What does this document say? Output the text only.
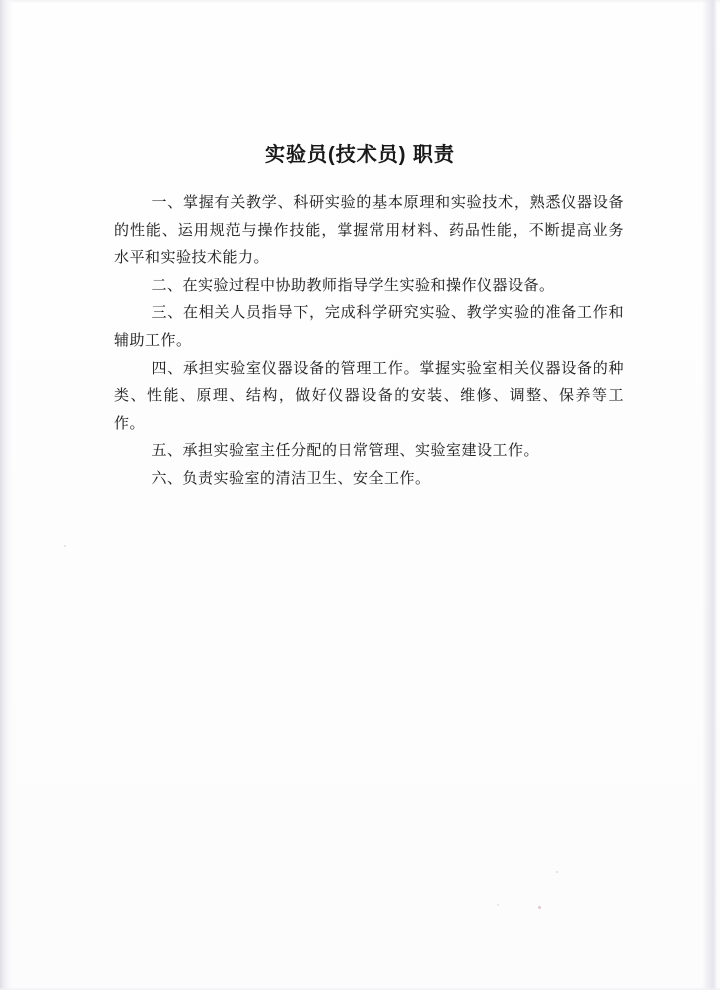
实验员(技术员) 职责

一、掌握有关教学、科研实验的基本原理和实验技术，熟悉仪器设备的性能、运用规范与操作技能，掌握常用材料、药品性能，不断提高业务水平和实验技术能力。

二、在实验过程中协助教师指导学生实验和操作仪器设备。

三、在相关人员指导下，完成科学研究实验、教学实验的准备工作和辅助工作。

四、承担实验室仪器设备的管理工作。掌握实验室相关仪器设备的种类、性能、原理、结构，做好仪器设备的安装、维修、调整、保养等工作。

五、承担实验室主任分配的日常管理、实验室建设工作。

六、负责实验室的清洁卫生、安全工作。
